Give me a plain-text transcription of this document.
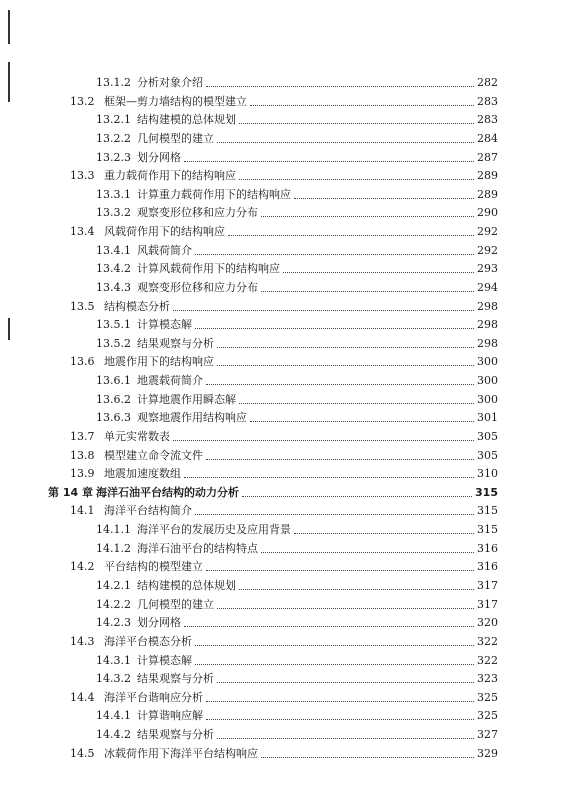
13.1.2 分析对象介绍	282
13.2 框架—剪力墙结构的模型建立	283
13.2.1 结构建模的总体规划	283
13.2.2 几何模型的建立	284
13.2.3 划分网格	287
13.3 重力载荷作用下的结构响应	289
13.3.1 计算重力载荷作用下的结构响应	289
13.3.2 观察变形位移和应力分布	290
13.4 风载荷作用下的结构响应	292
13.4.1 风载荷简介	292
13.4.2 计算风载荷作用下的结构响应	293
13.4.3 观察变形位移和应力分布	294
13.5 结构模态分析	298
13.5.1 计算模态解	298
13.5.2 结果观察与分析	298
13.6 地震作用下的结构响应	300
13.6.1 地震载荷简介	300
13.6.2 计算地震作用瞬态解	300
13.6.3 观察地震作用结构响应	301
13.7 单元实常数表	305
13.8 模型建立命令流文件	305
13.9 地震加速度数组	310
第 14 章 海洋石油平台结构的动力分析	315
14.1 海洋平台结构简介	315
14.1.1 海洋平台的发展历史及应用背景	315
14.1.2 海洋石油平台的结构特点	316
14.2 平台结构的模型建立	316
14.2.1 结构建模的总体规划	317
14.2.2 几何模型的建立	317
14.2.3 划分网格	320
14.3 海洋平台模态分析	322
14.3.1 计算模态解	322
14.3.2 结果观察与分析	323
14.4 海洋平台谐响应分析	325
14.4.1 计算谐响应解	325
14.4.2 结果观察与分析	327
14.5 冰载荷作用下海洋平台结构响应	329
